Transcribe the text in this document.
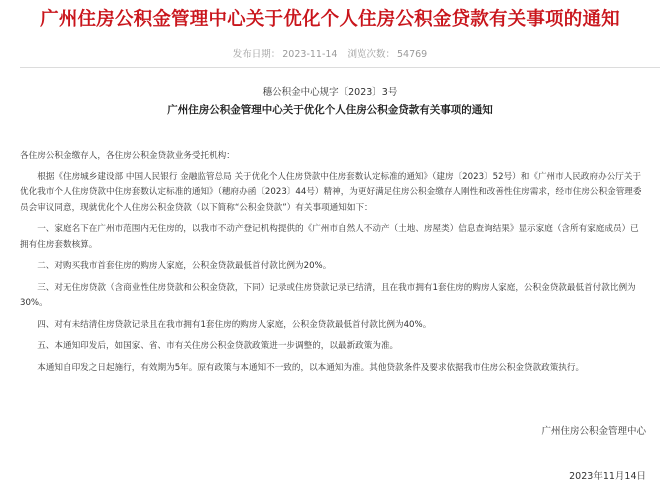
广州住房公积金管理中心关于优化个人住房公积金贷款有关事项的通知
发布日期： 2023-11-14 浏览次数： 54769
穗公积金中心规字〔2023〕3号
广州住房公积金管理中心关于优化个人住房公积金贷款有关事项的通知

各住房公积金缴存人，各住房公积金贷款业务受托机构：

根据《住房城乡建设部 中国人民银行 金融监管总局 关于优化个人住房贷款中住房套数认定标准的通知》（建房〔2023〕52号）和《广州市人民政府办公厅关于优化我市个人住房贷款中住房套数认定标准的通知》（穗府办函〔2023〕44号）精神，为更好满足住房公积金缴存人刚性和改善性住房需求，经市住房公积金管理委员会审议同意，现就优化个人住房公积金贷款（以下简称“公积金贷款”）有关事项通知如下：

一、家庭名下在广州市范围内无住房的，以我市不动产登记机构提供的《广州市自然人不动产（土地、房屋类）信息查询结果》显示家庭（含所有家庭成员）已拥有住房套数核算。

二、对购买我市首套住房的购房人家庭，公积金贷款最低首付款比例为20%。

三、对无住房贷款（含商业性住房贷款和公积金贷款，下同）记录或住房贷款记录已结清，且在我市拥有1套住房的购房人家庭，公积金贷款最低首付款比例为30%。

四、对有未结清住房贷款记录且在我市拥有1套住房的购房人家庭，公积金贷款最低首付款比例为40%。

五、本通知印发后，如国家、省、市有关住房公积金贷款政策进一步调整的，以最新政策为准。

本通知自印发之日起施行，有效期为5年。原有政策与本通知不一致的，以本通知为准。其他贷款条件及要求依据我市住房公积金贷款政策执行。

广州住房公积金管理中心
2023年11月14日
